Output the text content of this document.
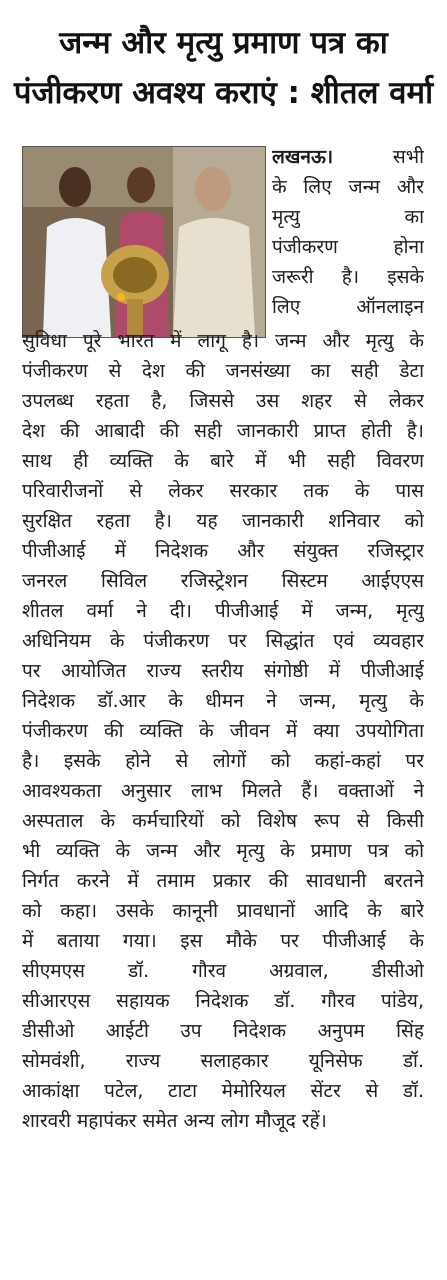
जन्म और मृत्यु प्रमाण पत्र का
पंजीकरण अवश्य कराएं : शीतल वर्मा
लखनऊ।	सभी
के लिए जन्म और
मृत्यु का
पंजीकरण होना
जरूरी है। इसके
लिए ऑनलाइन
सुविधा पूरे भारत में लागू है। जन्म और मृत्यु के
पंजीकरण से देश की जनसंख्या का सही डेटा
उपलब्ध रहता है, जिससे उस शहर से लेकर
देश की आबादी की सही जानकारी प्राप्त होती है।
साथ ही व्यक्ति के बारे में भी सही विवरण
परिवारीजनों से लेकर सरकार तक के पास
सुरक्षित रहता है। यह जानकारी शनिवार को
पीजीआई में निदेशक और संयुक्त रजिस्ट्रार
जनरल सिविल रजिस्ट्रेशन सिस्टम आईएएस
शीतल वर्मा ने दी। पीजीआई में जन्म, मृत्यु
अधिनियम के पंजीकरण पर सिद्धांत एवं व्यवहार
पर आयोजित राज्य स्तरीय संगोष्ठी में पीजीआई
निदेशक डॉ.आर के धीमन ने जन्म, मृत्यु के
पंजीकरण की व्यक्ति के जीवन में क्या उपयोगिता
है। इसके होने से लोगों को कहां-कहां पर
आवश्यकता अनुसार लाभ मिलते हैं। वक्ताओं ने
अस्पताल के कर्मचारियों को विशेष रूप से किसी
भी व्यक्ति के जन्म और मृत्यु के प्रमाण पत्र को
निर्गत करने में तमाम प्रकार की सावधानी बरतने
को कहा। उसके कानूनी प्रावधानों आदि के बारे
में बताया गया। इस मौके पर पीजीआई के
सीएमएस डॉ. गौरव अग्रवाल, डीसीओ
सीआरएस सहायक निदेशक डॉ. गौरव पांडेय,
डीसीओ आईटी उप निदेशक अनुपम सिंह
सोमवंशी, राज्य सलाहकार यूनिसेफ डॉ.
आकांक्षा पटेल, टाटा मेमोरियल सेंटर से डॉ.
शारवरी महापंकर समेत अन्य लोग मौजूद रहें।
